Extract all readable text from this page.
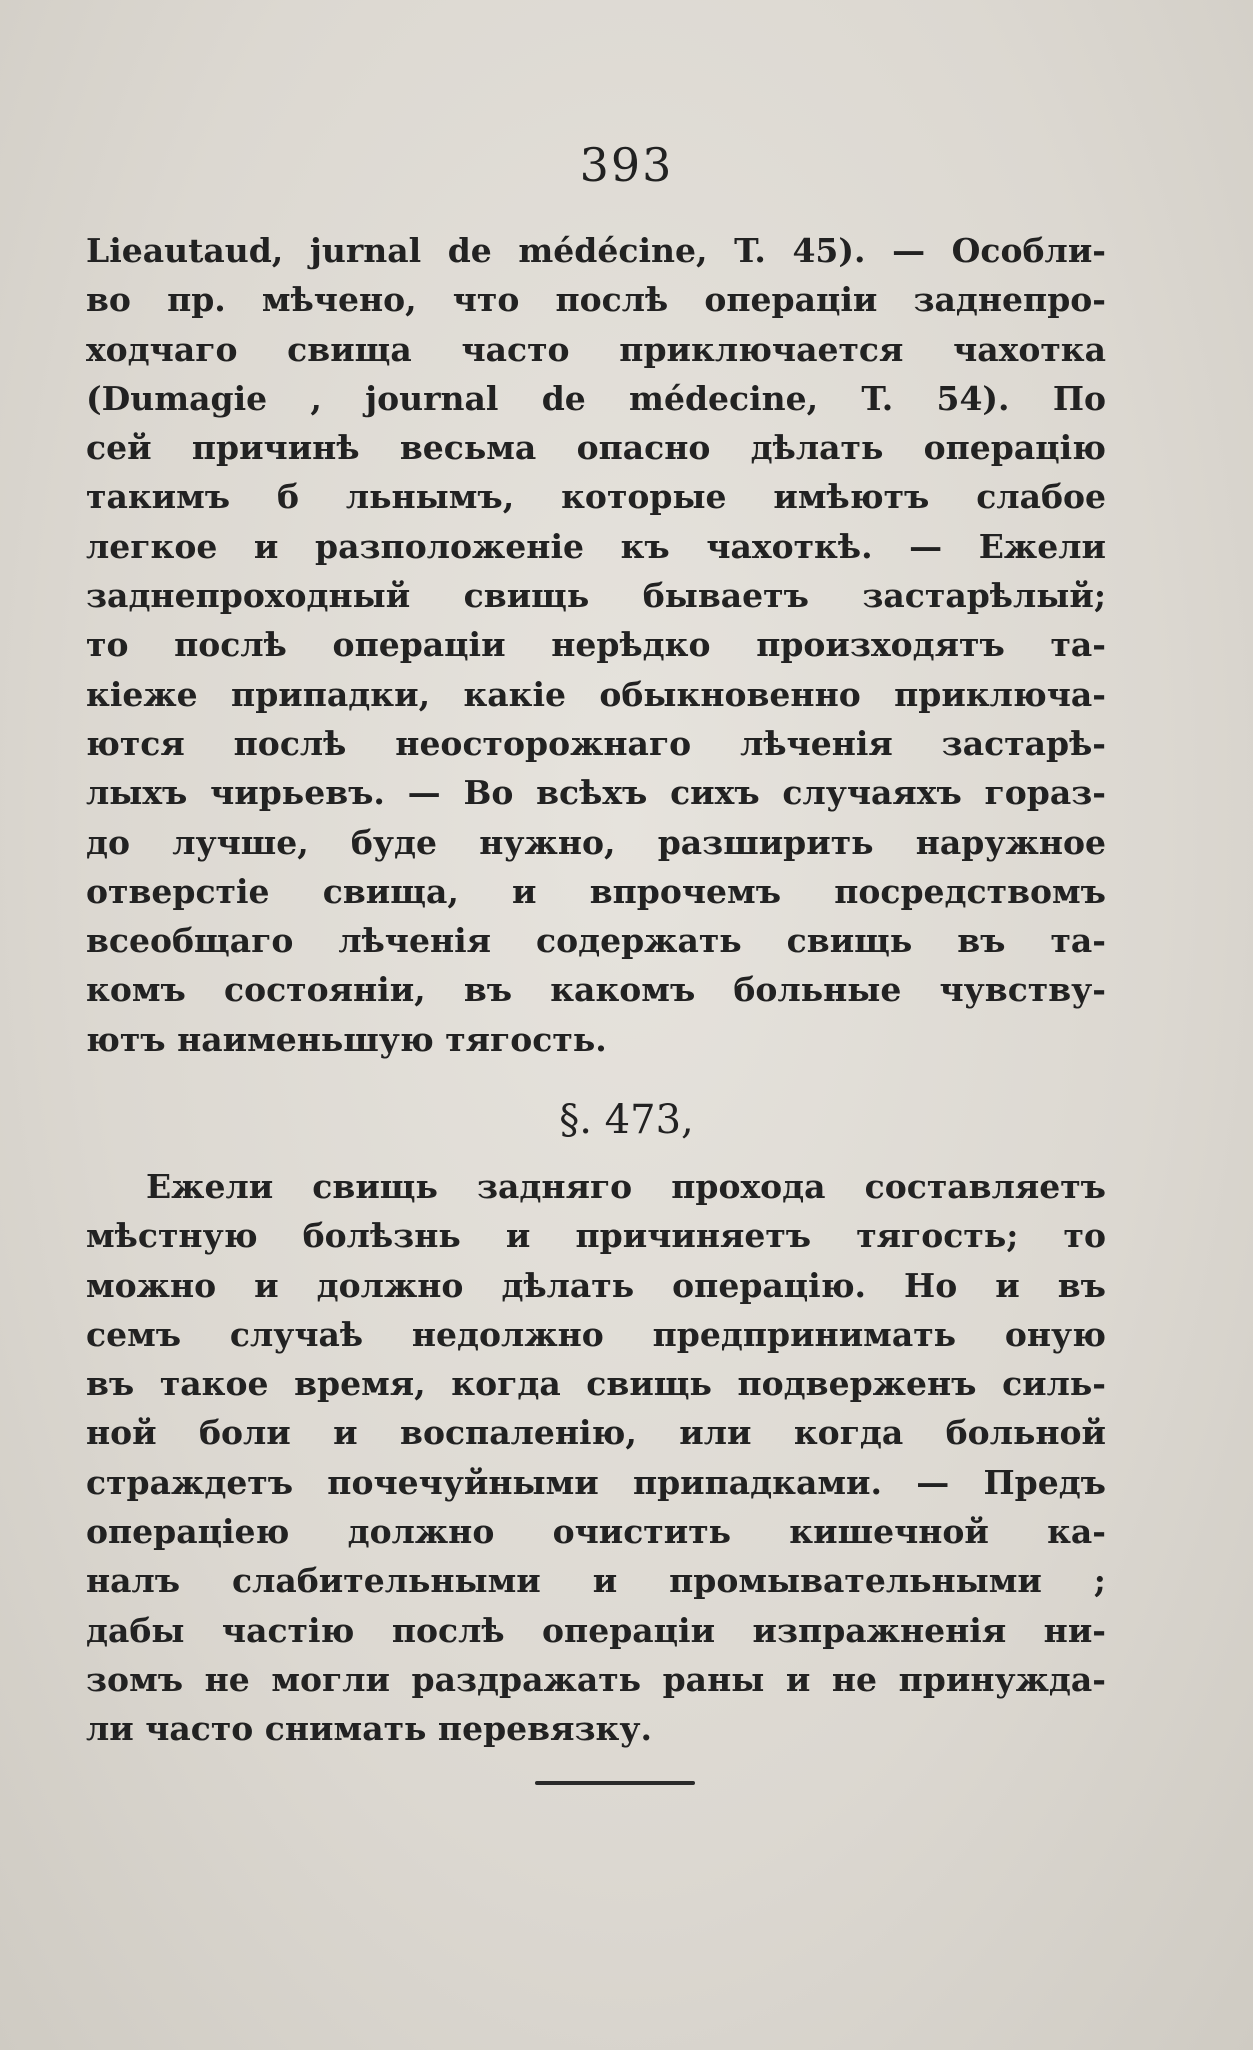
393
Lieautaud, jurnal de médécine, T. 45). — Особли-
во пр. мѣчено, что послѣ операціи заднепро-
ходчаго свища часто приключается чахотка
(Dumagie , journal de médecine, T. 54). По
сей причинѣ весьма опасно дѣлать операцію
такимъ б льнымъ, которые имѣютъ слабое
легкое и разположеніе къ чахоткѣ. — Ежели
заднепроходный свищь бываетъ застарѣлый;
то послѣ операціи нерѣдко произходятъ та-
кіеже припадки, какіе обыкновенно приключа-
ются послѣ неосторожнаго лѣченія застарѣ-
лыхъ чирьевъ. — Во всѣхъ сихъ случаяхъ гораз-
до лучше, буде нужно, разширить наружное
отверстіе свища, и впрочемъ посредствомъ
всеобщаго лѣченія содержать свищь въ та-
комъ состояніи, въ какомъ больные чувству-
ютъ наименьшую тягость.
§. 473,
Ежели свищь задняго прохода составляетъ
мѣстную болѣзнь и причиняетъ тягость; то
можно и должно дѣлать операцію. Но и въ
семъ случаѣ недолжно предпринимать оную
въ такое время, когда свищь подверженъ силь-
ной боли и воспаленію, или когда больной
страждетъ почечуйными припадками. — Предъ
операціею должно очистить кишечной ка-
налъ слабительными и промывательными ;
дабы частію послѣ операціи изпражненія ни-
зомъ не могли раздражать раны и не принужда-
ли часто снимать перевязку.
